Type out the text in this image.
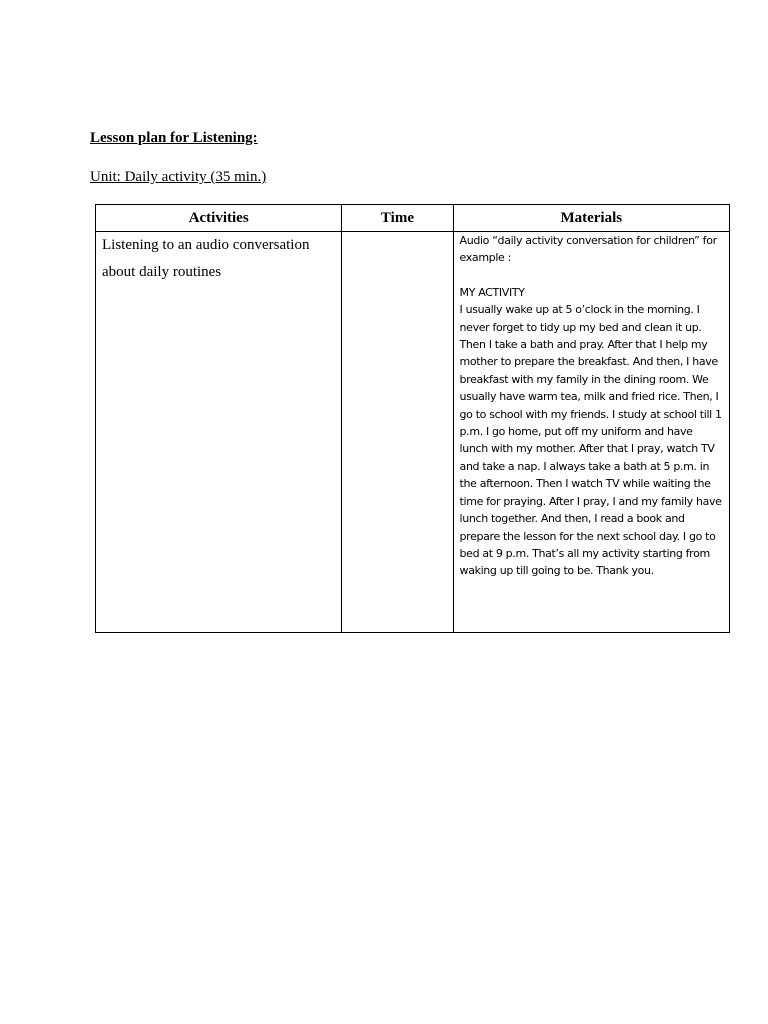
Lesson plan for Listening:

Unit: Daily activity (35 min.)

Activities	Time	Materials
Listening to an audio conversation about daily routines		Audio “daily activity conversation for children” for example :

MY ACTIVITY

I usually wake up at 5 o’clock in the morning. I never forget to tidy up my bed and clean it up. Then I take a bath and pray. After that I help my mother to prepare the breakfast. And then, I have breakfast with my family in the dining room. We usually have warm tea, milk and fried rice. Then, I go to school with my friends. I study at school till 1 p.m. I go home, put off my uniform and have lunch with my mother. After that I pray, watch TV and take a nap. I always take a bath at 5 p.m. in the afternoon. Then I watch TV while waiting the time for praying. After I pray, I and my family have lunch together. And then, I read a book and prepare the lesson for the next school day. I go to bed at 9 p.m. That’s all my activity starting from waking up till going to be. Thank you.
